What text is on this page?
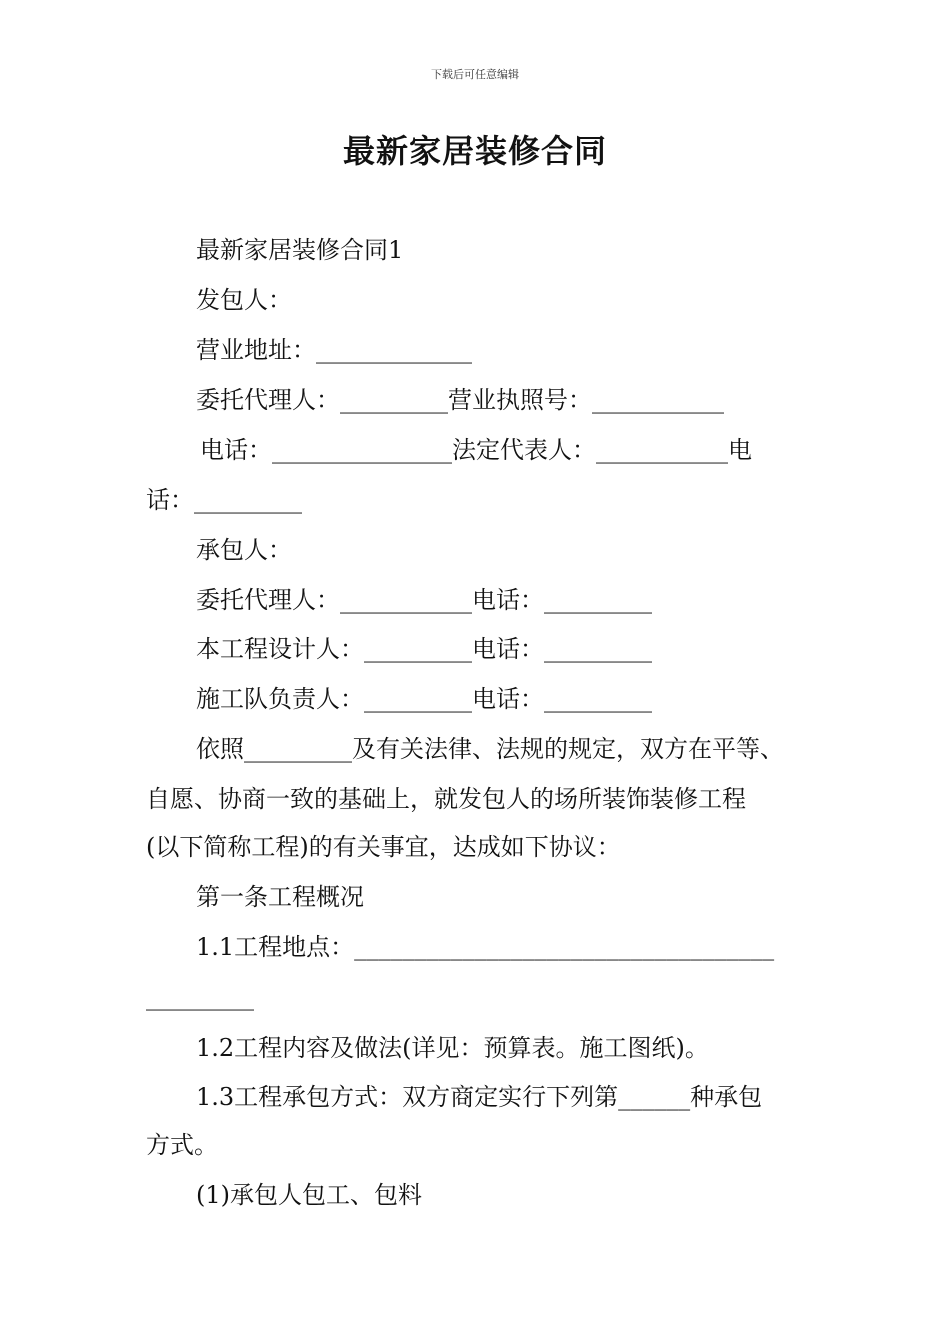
下载后可任意编辑
最新家居装修合同
最新家居装修合同1
发包人：
营业地址：_____________
委托代理人：_________营业执照号：___________
电话：_______________法定代表人：___________电
话：_________
承包人：
委托代理人：___________电话：_________
本工程设计人：_________电话：_________
施工队负责人：_________电话：_________
依照_________及有关法律、法规的规定，双方在平等、
自愿、协商一致的基础上，就发包人的场所装饰装修工程
(以下简称工程)的有关事宜，达成如下协议：
第一条工程概况
1.1工程地点：___________________________________
_________
1.2工程内容及做法(详见：预算表。施工图纸)。
1.3工程承包方式：双方商定实行下列第______种承包
方式。
(1)承包人包工、包料
